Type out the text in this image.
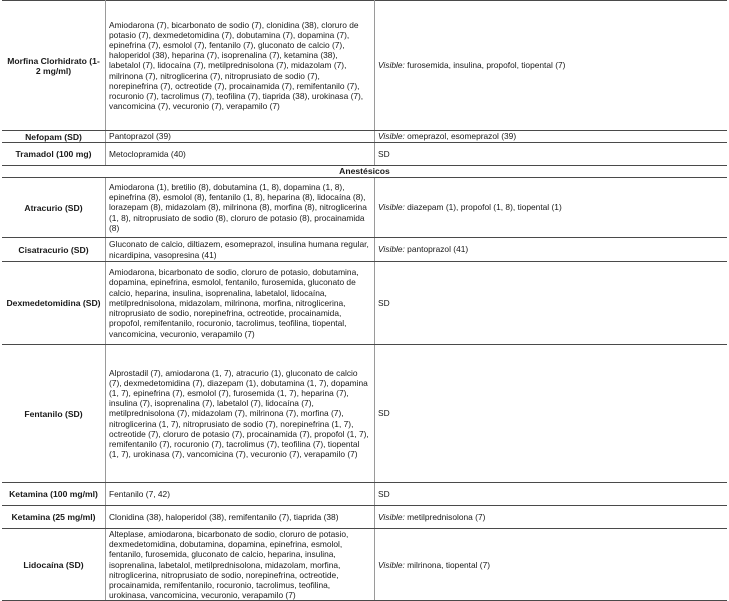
Morfina Clorhidrato (1-2 mg/ml)	Amiodarona (7), bicarbonato de sodio (7), clonidina (38), cloruro de potasio (7), dexmedetomidina (7), dobutamina (7), dopamina (7), epinefrina (7), esmolol (7), fentanilo (7), gluconato de calcio (7), haloperidol (38), heparina (7), isoprenalina (7), ketamina (38), labetalol (7), lidocaína (7), metilprednisolona (7), midazolam (7), milrinona (7), nitroglicerina (7), nitroprusiato de sodio (7), norepinefrina (7), octreotide (7), procainamida (7), remifentanilo (7), rocuronio (7), tacrolimus (7), teofilina (7), tiaprida (38), urokinasa (7), vancomicina (7), vecuronio (7), verapamilo (7)	Visible: furosemida, insulina, propofol, tiopental (7)
Nefopam (SD)	Pantoprazol (39)	Visible: omeprazol, esomeprazol (39)
Tramadol (100 mg)	Metoclopramida (40)	SD
Anestésicos		
Atracurio (SD)	Amiodarona (1), bretilio (8), dobutamina (1, 8), dopamina (1, 8), epinefrina (8), esmolol (8), fentanilo (1, 8), heparina (8), lidocaína (8), lorazepam (8), midazolam (8), milrinona (8), morfina (8), nitroglicerina (1, 8), nitroprusiato de sodio (8), cloruro de potasio (8), procainamida (8)	Visible: diazepam (1), propofol (1, 8), tiopental (1)
Cisatracurio (SD)	Gluconato de calcio, diltiazem, esomeprazol, insulina humana regular, nicardipina, vasopresina (41)	Visible: pantoprazol (41)
Dexmedetomidina (SD)	Amiodarona, bicarbonato de sodio, cloruro de potasio, dobutamina, dopamina, epinefrina, esmolol, fentanilo, furosemida, gluconato de calcio, heparina, insulina, isoprenalina, labetalol, lidocaína, metilprednisolona, midazolam, milrinona, morfina, nitroglicerina, nitroprusiato de sodio, norepinefrina, octreotide, procainamida, propofol, remifentanilo, rocuronio, tacrolimus, teofilina, tiopental, vancomicina, vecuronio, verapamilo (7)	SD
Fentanilo (SD)	Alprostadil (7), amiodarona (1, 7), atracurio (1), gluconato de calcio (7), dexmedetomidina (7), diazepam (1), dobutamina (1, 7), dopamina (1, 7), epinefrina (7), esmolol (7), furosemida (1, 7), heparina (7), insulina (7), isoprenalina (7), labetalol (7), lidocaína (7), metilprednisolona (7), midazolam (7), milrinona (7), morfina (7), nitroglicerina (1, 7), nitroprusiato de sodio (7), norepinefrina (1, 7), octreotide (7), cloruro de potasio (7), procainamida (7), propofol (1, 7), remifentanilo (7), rocuronio (7), tacrolimus (7), teofilina (7), tiopental (1, 7), urokinasa (7), vancomicina (7), vecuronio (7), verapamilo (7)	SD
Ketamina (100 mg/ml)	Fentanilo (7, 42)	SD
Ketamina (25 mg/ml)	Clonidina (38), haloperidol (38), remifentanilo (7), tiaprida (38)	Visible: metilprednisolona (7)
Lidocaína (SD)	Alteplase, amiodarona, bicarbonato de sodio, cloruro de potasio, dexmedetomidina, dobutamina, dopamina, epinefrina, esmolol, fentanilo, furosemida, gluconato de calcio, heparina, insulina, isoprenalina, labetalol, metilprednisolona, midazolam, morfina, nitroglicerina, nitroprusiato de sodio, norepinefrina, octreotide, procainamida, remifentanilo, rocuronio, tacrolimus, teofilina, urokinasa, vancomicina, vecuronio, verapamilo (7)	Visible: milrinona, tiopental (7)
